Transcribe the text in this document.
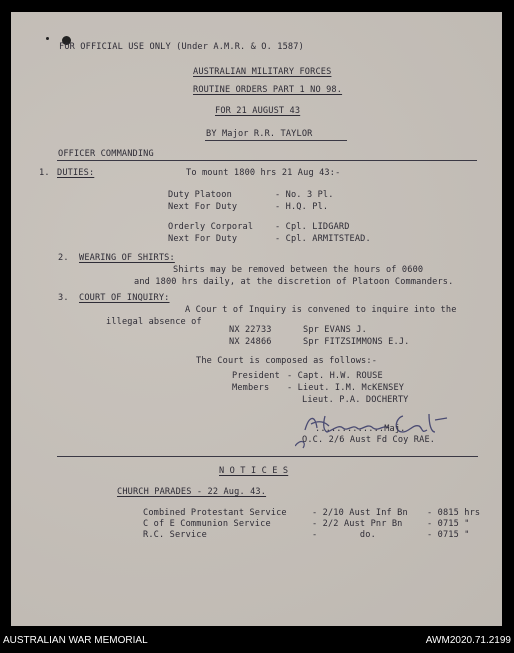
FOR OFFICIAL USE ONLY (Under A.M.R. & O. 1587)
AUSTRALIAN MILITARY FORCES
ROUTINE ORDERS PART 1 NO 98.
FOR 21 AUGUST 43
BY Major R.R. TAYLOR
OFFICER COMMANDING
1. DUTIES:	To mount 1800 hrs 21 Aug 43:-
Duty Platoon	- No. 3 Pl.
Next For Duty	- H.Q. Pl.
Orderly Corporal	- Cpl. LIDGARD
Next For Duty	- Cpl. ARMITSTEAD.
2. WEARING OF SHIRTS:
Shirts may be removed between the hours of 0600
and 1800 hrs daily, at the discretion of Platoon Commanders.
3. COURT OF INQUIRY:
A Cour t of Inquiry is convened to inquire into the
illegal absence of
NX 22733	Spr EVANS J.
NX 24866	Spr FITZSIMMONS E.J.
The Court is composed as follows:-
President - Capt. H.W. ROUSE
Members - Lieut. I.M. McKENSEY
Lieut. P.A. DOCHERTY
.............Maj.
O.C. 2/6 Aust Fd Coy RAE.
N O T I C E S
CHURCH PARADES - 22 Aug. 43.
Combined Protestant Service	- 2/10 Aust Inf Bn - 0815 hrs
C of E Communion Service	- 2/2 Aust Pnr Bn	- 0715 "
R.C. Service	-        do.	- 0715 "
AUSTRALIAN WAR MEMORIAL	AWM2020.71.2199
